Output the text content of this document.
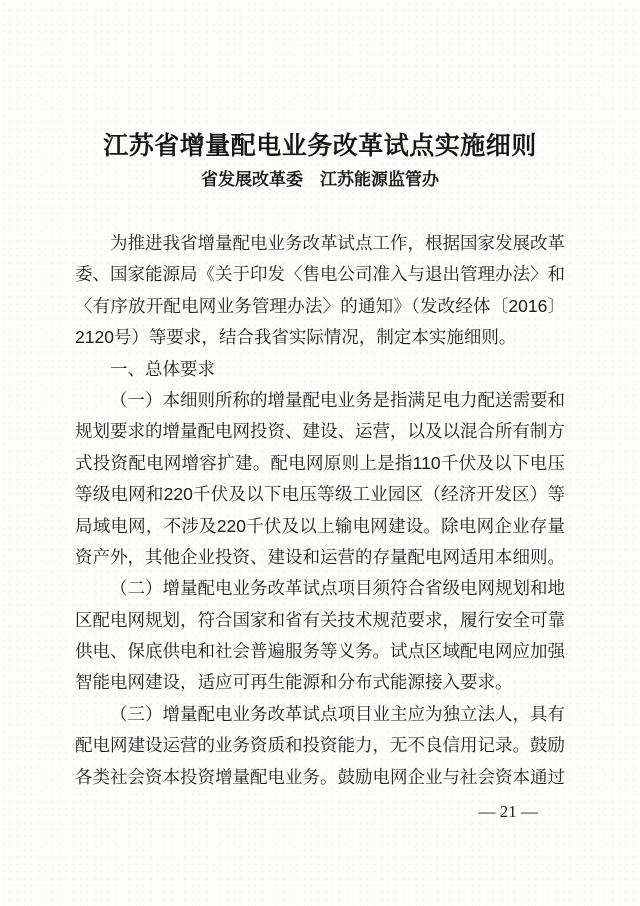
江苏省增量配电业务改革试点实施细则
省发展改革委　江苏能源监管办
为推进我省增量配电业务改革试点工作，根据国家发展改革
委、国家能源局《关于印发〈售电公司准入与退出管理办法〉和
〈有序放开配电网业务管理办法〉的通知》（发改经体〔2016〕
2120号）等要求，结合我省实际情况，制定本实施细则。
一、总体要求
（一）本细则所称的增量配电业务是指满足电力配送需要和
规划要求的增量配电网投资、建设、运营，以及以混合所有制方
式投资配电网增容扩建。配电网原则上是指110千伏及以下电压
等级电网和220千伏及以下电压等级工业园区（经济开发区）等
局域电网，不涉及220千伏及以上输电网建设。除电网企业存量
资产外，其他企业投资、建设和运营的存量配电网适用本细则。
（二）增量配电业务改革试点项目须符合省级电网规划和地
区配电网规划，符合国家和省有关技术规范要求，履行安全可靠
供电、保底供电和社会普遍服务等义务。试点区域配电网应加强
智能电网建设，适应可再生能源和分布式能源接入要求。
（三）增量配电业务改革试点项目业主应为独立法人，具有
配电网建设运营的业务资质和投资能力，无不良信用记录。鼓励
各类社会资本投资增量配电业务。鼓励电网企业与社会资本通过
— 21 —
